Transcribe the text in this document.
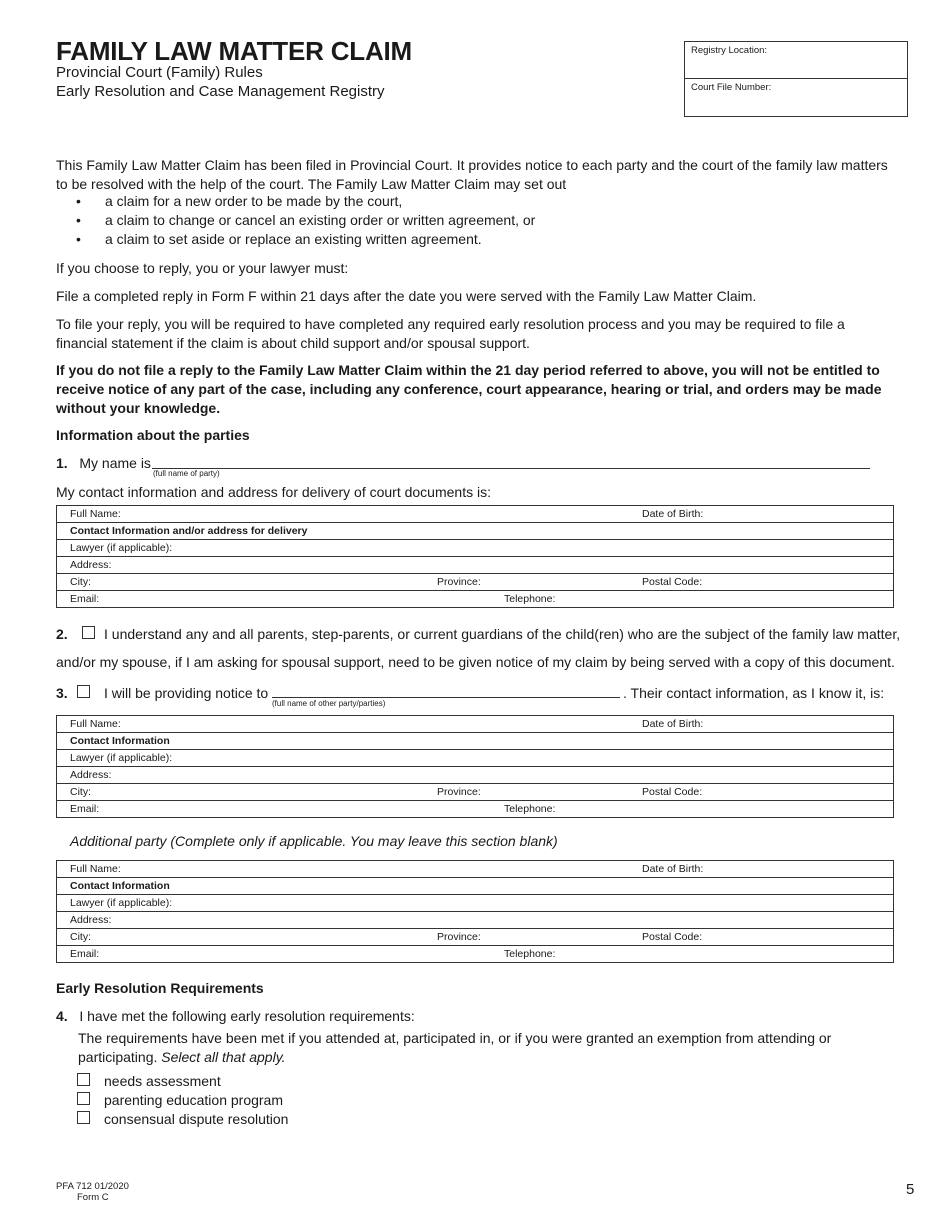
FAMILY LAW MATTER CLAIM
Provincial Court (Family) Rules
Early Resolution and Case Management Registry
Registry Location:
Court File Number:
This Family Law Matter Claim has been filed in Provincial Court. It provides notice to each party and the court of the family law matters to be resolved with the help of the court. The Family Law Matter Claim may set out
• a claim for a new order to be made by the court,
• a claim to change or cancel an existing order or written agreement, or
• a claim to set aside or replace an existing written agreement.
If you choose to reply, you or your lawyer must:
File a completed reply in Form F within 21 days after the date you were served with the Family Law Matter Claim.
To file your reply, you will be required to have completed any required early resolution process and you may be required to file a financial statement if the claim is about child support and/or spousal support.
If you do not file a reply to the Family Law Matter Claim within the 21 day period referred to above, you will not be entitled to receive notice of any part of the case, including any conference, court appearance, hearing or trial, and orders may be made without your knowledge.
Information about the parties
1. My name is
(full name of party)
My contact information and address for delivery of court documents is:
Full Name:	Date of Birth:

Contact Information and/or address for delivery
Lawyer (if applicable):
Address:
City:	Province:	Postal Code:

Email:	Telephone:
2.	I understand any and all parents, step-parents, or current guardians of the child(ren) who are the subject of the family law matter,
and/or my spouse, if I am asking for spousal support, need to be given notice of my claim by being served with a copy of this document.
3.	I will be providing notice to
(full name of other party/parties)
. Their contact information, as I know it, is:
Full Name:	Date of Birth:

Contact Information
Lawyer (if applicable):
Address:
City:	Province:	Postal Code:

Email:	Telephone:
Additional party (Complete only if applicable. You may leave this section blank)
Full Name:	Date of Birth:

Contact Information
Lawyer (if applicable):
Address:
City:	Province:	Postal Code:

Email:	Telephone:
Early Resolution Requirements
4. I have met the following early resolution requirements:
The requirements have been met if you attended at, participated in, or if you were granted an exemption from attending or participating. Select all that apply.
needs assessment
parenting education program
consensual dispute resolution
PFA 712 01/2020
Form C	5
